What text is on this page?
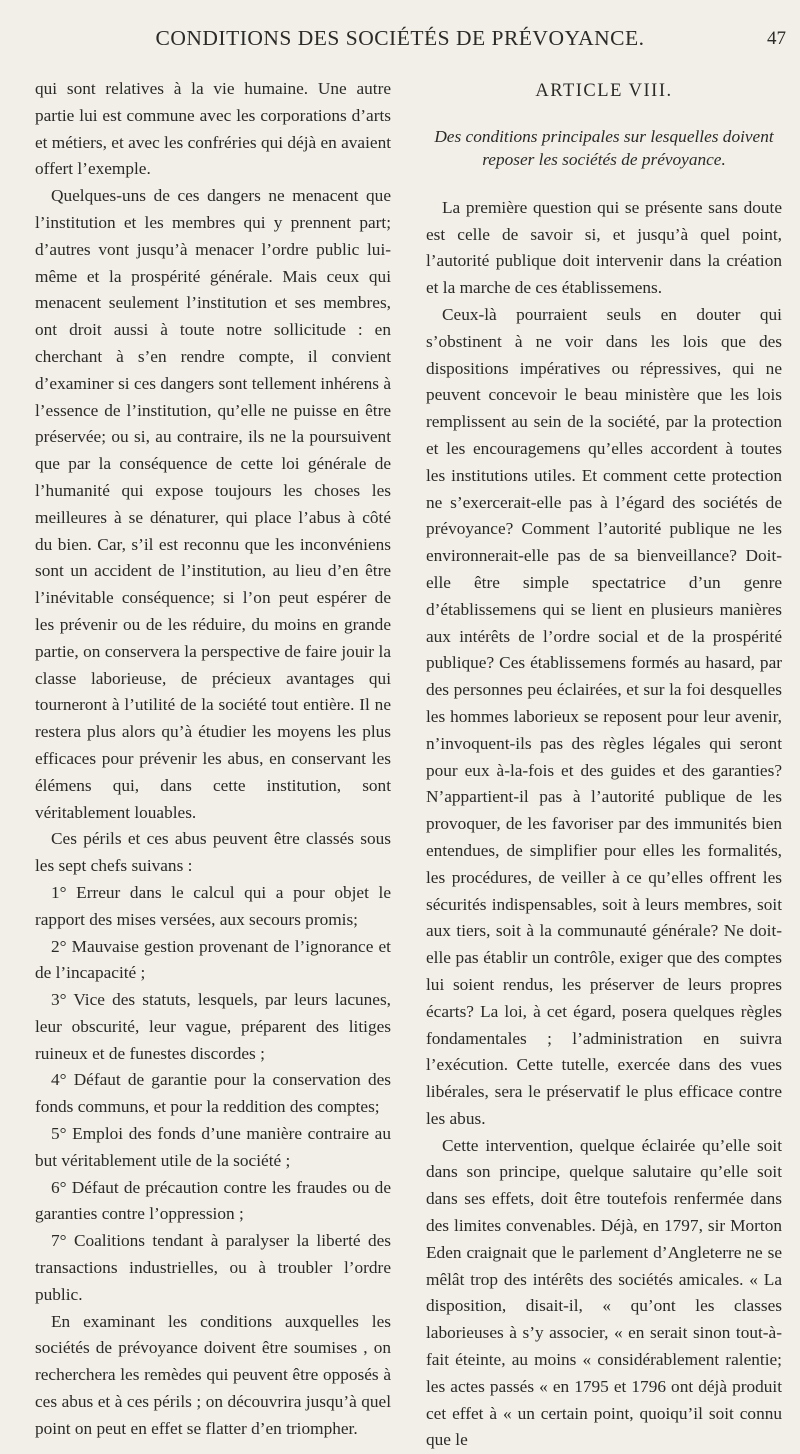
CONDITIONS DES SOCIÉTÉS DE PRÉVOYANCE.	47

qui sont relatives à la vie humaine. Une autre partie lui est commune avec les corporations d’arts et métiers, et avec les confréries qui déjà en avaient offert l’exemple.

Quelques-uns de ces dangers ne menacent que l’institution et les membres qui y prennent part; d’autres vont jusqu’à menacer l’ordre public lui-même et la prospérité générale. Mais ceux qui menacent seulement l’institution et ses membres, ont droit aussi à toute notre sollicitude : en cherchant à s’en rendre compte, il convient d’examiner si ces dangers sont tellement inhérens à l’essence de l’institution, qu’elle ne puisse en être préservée; ou si, au contraire, ils ne la poursuivent que par la conséquence de cette loi générale de l’humanité qui expose toujours les choses les meilleures à se dénaturer, qui place l’abus à côté du bien. Car, s’il est reconnu que les inconvéniens sont un accident de l’institution, au lieu d’en être l’inévitable conséquence; si l’on peut espérer de les prévenir ou de les réduire, du moins en grande partie, on conservera la perspective de faire jouir la classe laborieuse, de précieux avantages qui tourneront à l’utilité de la société tout entière. Il ne restera plus alors qu’à étudier les moyens les plus efficaces pour prévenir les abus, en conservant les élémens qui, dans cette institution, sont véritablement louables.

Ces périls et ces abus peuvent être classés sous les sept chefs suivans :

1° Erreur dans le calcul qui a pour objet le rapport des mises versées, aux secours promis;

2° Mauvaise gestion provenant de l’ignorance et de l’incapacité ;

3° Vice des statuts, lesquels, par leurs lacunes, leur obscurité, leur vague, préparent des litiges ruineux et de funestes discordes ;

4° Défaut de garantie pour la conservation des fonds communs, et pour la reddition des comptes;

5° Emploi des fonds d’une manière contraire au but véritablement utile de la société ;

6° Défaut de précaution contre les fraudes ou de garanties contre l’oppression ;

7° Coalitions tendant à paralyser la liberté des transactions industrielles, ou à troubler l’ordre public.

En examinant les conditions auxquelles les sociétés de prévoyance doivent être soumises , on recherchera les remèdes qui peuvent être opposés à ces abus et à ces périls ; on découvrira jusqu’à quel point on peut en effet se flatter d’en triompher.

ARTICLE VIII.
Des conditions principales sur lesquelles doivent reposer les sociétés de prévoyance.

La première question qui se présente sans doute est celle de savoir si, et jusqu’à quel point, l’autorité publique doit intervenir dans la création et la marche de ces établissemens.

Ceux-là pourraient seuls en douter qui s’obstinent à ne voir dans les lois que des dispositions impératives ou répressives, qui ne peuvent concevoir le beau ministère que les lois remplissent au sein de la société, par la protection et les encouragemens qu’elles accordent à toutes les institutions utiles. Et comment cette protection ne s’exercerait-elle pas à l’égard des sociétés de prévoyance? Comment l’autorité publique ne les environnerait-elle pas de sa bienveillance? Doit-elle être simple spectatrice d’un genre d’établissemens qui se lient en plusieurs manières aux intérêts de l’ordre social et de la prospérité publique? Ces établissemens formés au hasard, par des personnes peu éclairées, et sur la foi desquelles les hommes laborieux se reposent pour leur avenir, n’invoquent-ils pas des règles légales qui seront pour eux à-la-fois et des guides et des garanties? N’appartient-il pas à l’autorité publique de les provoquer, de les favoriser par des immunités bien entendues, de simplifier pour elles les formalités, les procédures, de veiller à ce qu’elles offrent les sécurités indispensables, soit à leurs membres, soit aux tiers, soit à la communauté générale? Ne doit-elle pas établir un contrôle, exiger que des comptes lui soient rendus, les préserver de leurs propres écarts? La loi, à cet égard, posera quelques règles fondamentales ; l’administration en suivra l’exécution. Cette tutelle, exercée dans des vues libérales, sera le préservatif le plus efficace contre les abus.

Cette intervention, quelque éclairée qu’elle soit dans son principe, quelque salutaire qu’elle soit dans ses effets, doit être toutefois renfermée dans des limites convenables. Déjà, en 1797, sir Morton Eden craignait que le parlement d’Angleterre ne se mêlât trop des intérêts des sociétés amicales. « La disposition, disait-il, « qu’ont les classes laborieuses à s’y associer, « en serait sinon tout-à-fait éteinte, au moins « considérablement ralentie; les actes passés « en 1795 et 1796 ont déjà produit cet effet à « un certain point, quoiqu’il soit connu que le
